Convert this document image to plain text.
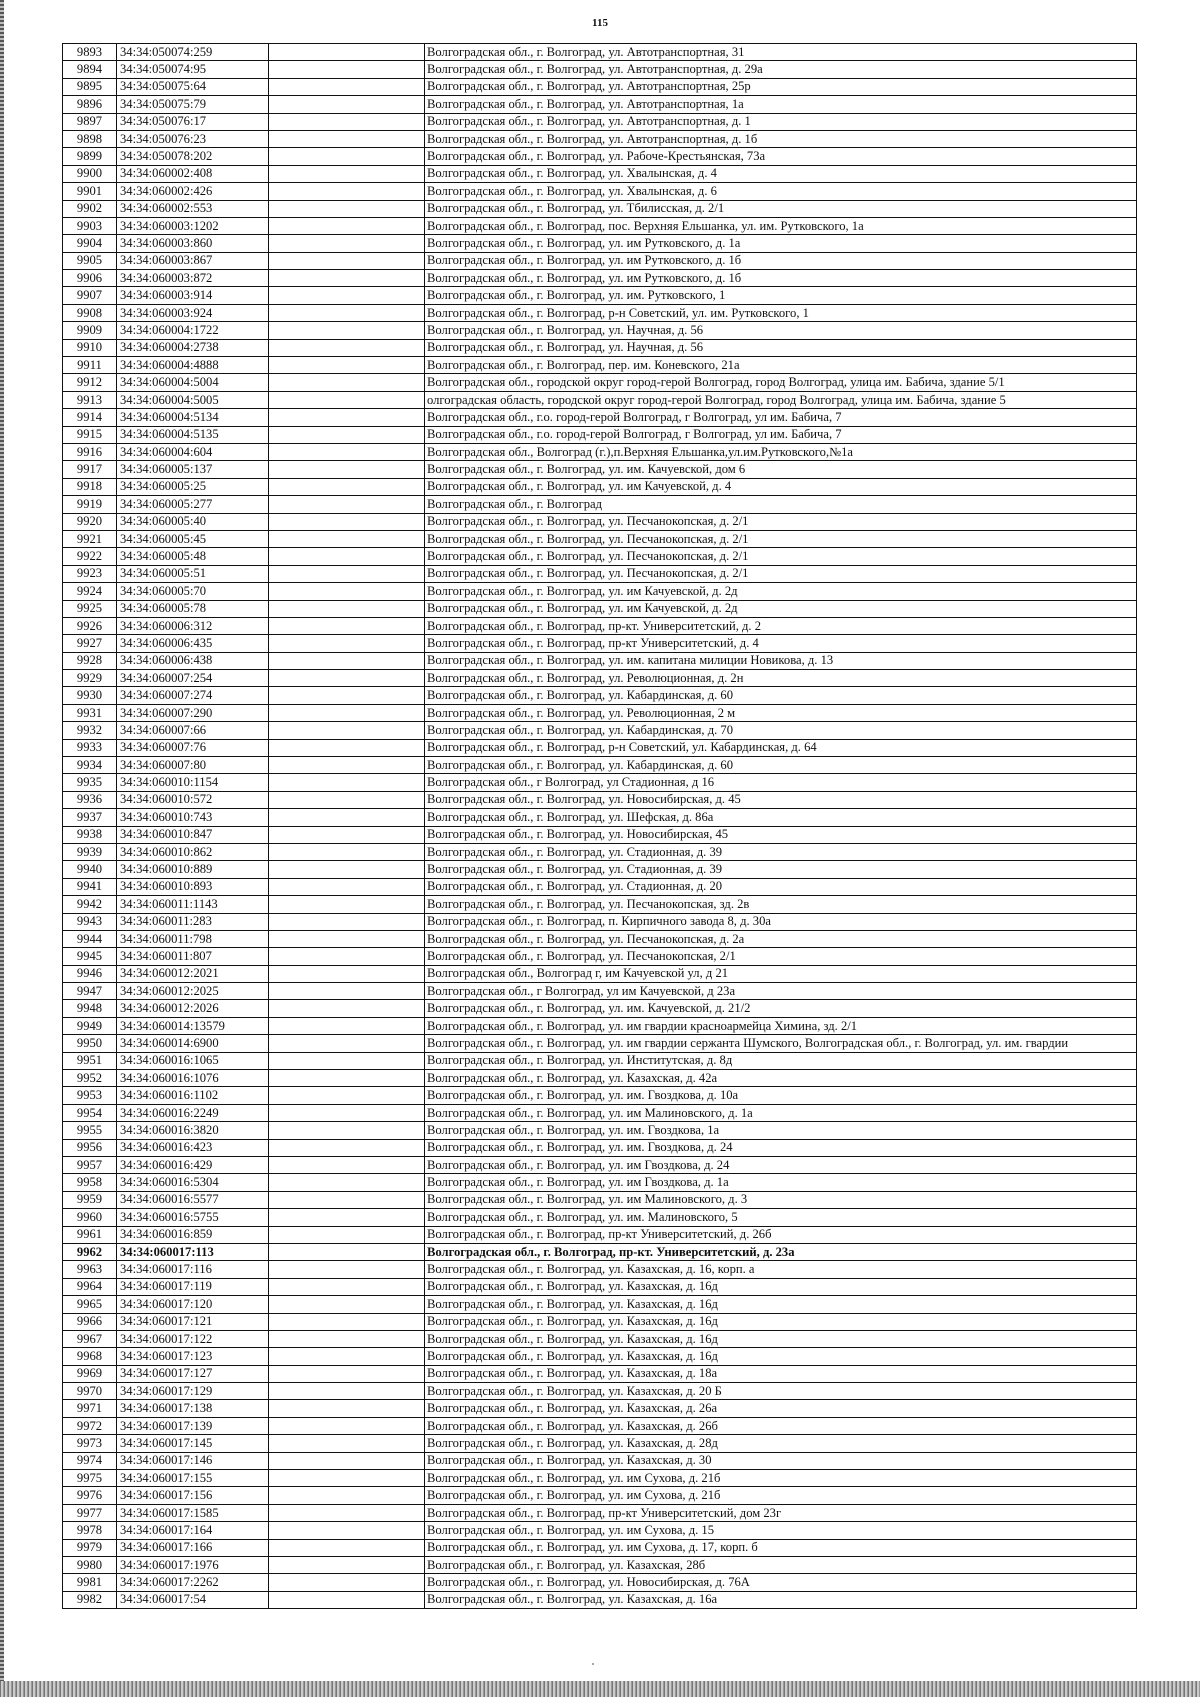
115
9893	34:34:050074:259		Волгоградская обл., г. Волгоград, ул. Автотранспортная, 31
9894	34:34:050074:95		Волгоградская обл., г. Волгоград, ул. Автотранспортная, д. 29а
9895	34:34:050075:64		Волгоградская обл., г. Волгоград, ул. Автотранспортная, 25р
9896	34:34:050075:79		Волгоградская обл., г. Волгоград, ул. Автотранспортная, 1а
9897	34:34:050076:17		Волгоградская обл., г. Волгоград, ул. Автотранспортная, д. 1
9898	34:34:050076:23		Волгоградская обл., г. Волгоград, ул. Автотранспортная, д. 1б
9899	34:34:050078:202		Волгоградская обл., г. Волгоград, ул. Рабоче-Крестьянская, 73а
9900	34:34:060002:408		Волгоградская обл., г. Волгоград, ул. Хвалынская, д. 4
9901	34:34:060002:426		Волгоградская обл., г. Волгоград, ул. Хвалынская, д. 6
9902	34:34:060002:553		Волгоградская обл., г. Волгоград, ул. Тбилисская, д. 2/1
9903	34:34:060003:1202		Волгоградская обл., г. Волгоград, пос. Верхняя Ельшанка, ул. им. Рутковского, 1а
9904	34:34:060003:860		Волгоградская обл., г. Волгоград, ул. им Рутковского, д. 1а
9905	34:34:060003:867		Волгоградская обл., г. Волгоград, ул. им Рутковского, д. 1б
9906	34:34:060003:872		Волгоградская обл., г. Волгоград, ул. им Рутковского, д. 1б
9907	34:34:060003:914		Волгоградская обл., г. Волгоград, ул. им. Рутковского, 1
9908	34:34:060003:924		Волгоградская обл., г. Волгоград, р-н Советский, ул. им. Рутковского, 1
9909	34:34:060004:1722		Волгоградская обл., г. Волгоград, ул. Научная, д. 56
9910	34:34:060004:2738		Волгоградская обл., г. Волгоград, ул. Научная, д. 56
9911	34:34:060004:4888		Волгоградская обл., г. Волгоград, пер. им. Коневского, 21а
9912	34:34:060004:5004		Волгоградская обл., городской округ город-герой Волгоград, город Волгоград, улица им. Бабича, здание 5/1
9913	34:34:060004:5005		олгоградская область, городской округ город-герой Волгоград, город Волгоград, улица им. Бабича, здание 5
9914	34:34:060004:5134		Волгоградская обл., г.о. город-герой Волгоград, г Волгоград, ул им. Бабича, 7
9915	34:34:060004:5135		Волгоградская обл., г.о. город-герой Волгоград, г Волгоград, ул им. Бабича, 7
9916	34:34:060004:604		Волгоградская обл., Волгоград (г.),п.Верхняя Ельшанка,ул.им.Рутковского,№1а
9917	34:34:060005:137		Волгоградская обл., г. Волгоград, ул. им. Качуевской, дом 6
9918	34:34:060005:25		Волгоградская обл., г. Волгоград, ул. им Качуевской, д. 4
9919	34:34:060005:277		Волгоградская обл., г. Волгоград
9920	34:34:060005:40		Волгоградская обл., г. Волгоград, ул. Песчанокопская, д. 2/1
9921	34:34:060005:45		Волгоградская обл., г. Волгоград, ул. Песчанокопская, д. 2/1
9922	34:34:060005:48		Волгоградская обл., г. Волгоград, ул. Песчанокопская, д. 2/1
9923	34:34:060005:51		Волгоградская обл., г. Волгоград, ул. Песчанокопская, д. 2/1
9924	34:34:060005:70		Волгоградская обл., г. Волгоград, ул. им Качуевской, д. 2д
9925	34:34:060005:78		Волгоградская обл., г. Волгоград, ул. им Качуевской, д. 2д
9926	34:34:060006:312		Волгоградская обл., г. Волгоград, пр-кт. Университетский, д. 2
9927	34:34:060006:435		Волгоградская обл., г. Волгоград, пр-кт Университетский, д. 4
9928	34:34:060006:438		Волгоградская обл., г. Волгоград, ул. им. капитана милиции Новикова, д. 13
9929	34:34:060007:254		Волгоградская обл., г. Волгоград, ул. Революционная, д. 2н
9930	34:34:060007:274		Волгоградская обл., г. Волгоград, ул. Кабардинская, д. 60
9931	34:34:060007:290		Волгоградская обл., г. Волгоград, ул. Революционная, 2 м
9932	34:34:060007:66		Волгоградская обл., г. Волгоград, ул. Кабардинская, д. 70
9933	34:34:060007:76		Волгоградская обл., г. Волгоград, р-н Советский, ул. Кабардинская, д. 64
9934	34:34:060007:80		Волгоградская обл., г. Волгоград, ул. Кабардинская, д. 60
9935	34:34:060010:1154		Волгоградская обл., г Волгоград, ул Стадионная, д 16
9936	34:34:060010:572		Волгоградская обл., г. Волгоград, ул. Новосибирская, д. 45
9937	34:34:060010:743		Волгоградская обл., г. Волгоград, ул. Шефская, д. 86а
9938	34:34:060010:847		Волгоградская обл., г. Волгоград, ул. Новосибирская, 45
9939	34:34:060010:862		Волгоградская обл., г. Волгоград, ул. Стадионная, д. 39
9940	34:34:060010:889		Волгоградская обл., г. Волгоград, ул. Стадионная, д. 39
9941	34:34:060010:893		Волгоградская обл., г. Волгоград, ул. Стадионная, д. 20
9942	34:34:060011:1143		Волгоградская обл., г. Волгоград, ул. Песчанокопская, зд. 2в
9943	34:34:060011:283		Волгоградская обл., г. Волгоград, п. Кирпичного завода 8, д. 30а
9944	34:34:060011:798		Волгоградская обл., г. Волгоград, ул. Песчанокопская, д. 2а
9945	34:34:060011:807		Волгоградская обл., г. Волгоград, ул. Песчанокопская, 2/1
9946	34:34:060012:2021		Волгоградская обл., Волгоград г, им Качуевской ул, д 21
9947	34:34:060012:2025		Волгоградская обл., г Волгоград, ул им Качуевской, д 23а
9948	34:34:060012:2026		Волгоградская обл., г. Волгоград, ул. им. Качуевской, д. 21/2
9949	34:34:060014:13579		Волгоградская обл., г. Волгоград, ул. им гвардии красноармейца Химина, зд. 2/1
9950	34:34:060014:6900		Волгоградская обл., г. Волгоград, ул. им гвардии сержанта Шумского, Волгоградская обл., г. Волгоград, ул. им. гвардии
9951	34:34:060016:1065		Волгоградская обл., г. Волгоград, ул. Институтская, д. 8д
9952	34:34:060016:1076		Волгоградская обл., г. Волгоград, ул. Казахская, д. 42а
9953	34:34:060016:1102		Волгоградская обл., г. Волгоград, ул. им. Гвоздкова, д. 10а
9954	34:34:060016:2249		Волгоградская обл., г. Волгоград, ул. им Малиновского, д. 1а
9955	34:34:060016:3820		Волгоградская обл., г. Волгоград, ул. им. Гвоздкова, 1а
9956	34:34:060016:423		Волгоградская обл., г. Волгоград, ул. им. Гвоздкова, д. 24
9957	34:34:060016:429		Волгоградская обл., г. Волгоград, ул. им Гвоздкова, д. 24
9958	34:34:060016:5304		Волгоградская обл., г. Волгоград, ул. им Гвоздкова, д. 1а
9959	34:34:060016:5577		Волгоградская обл., г. Волгоград, ул. им Малиновского, д. 3
9960	34:34:060016:5755		Волгоградская обл., г. Волгоград, ул. им. Малиновского, 5
9961	34:34:060016:859		Волгоградская обл., г. Волгоград, пр-кт Университетский, д. 26б
9962	34:34:060017:113		Волгоградская обл., г. Волгоград, пр-кт. Университетский, д. 23а
9963	34:34:060017:116		Волгоградская обл., г. Волгоград, ул. Казахская, д. 16, корп. а
9964	34:34:060017:119		Волгоградская обл., г. Волгоград, ул. Казахская, д. 16д
9965	34:34:060017:120		Волгоградская обл., г. Волгоград, ул. Казахская, д. 16д
9966	34:34:060017:121		Волгоградская обл., г. Волгоград, ул. Казахская, д. 16д
9967	34:34:060017:122		Волгоградская обл., г. Волгоград, ул. Казахская, д. 16д
9968	34:34:060017:123		Волгоградская обл., г. Волгоград, ул. Казахская, д. 16д
9969	34:34:060017:127		Волгоградская обл., г. Волгоград, ул. Казахская, д. 18а
9970	34:34:060017:129		Волгоградская обл., г. Волгоград, ул. Казахская, д. 20 Б
9971	34:34:060017:138		Волгоградская обл., г. Волгоград, ул. Казахская, д. 26а
9972	34:34:060017:139		Волгоградская обл., г. Волгоград, ул. Казахская, д. 26б
9973	34:34:060017:145		Волгоградская обл., г. Волгоград, ул. Казахская, д. 28д
9974	34:34:060017:146		Волгоградская обл., г. Волгоград, ул. Казахская, д. 30
9975	34:34:060017:155		Волгоградская обл., г. Волгоград, ул. им Сухова, д. 21б
9976	34:34:060017:156		Волгоградская обл., г. Волгоград, ул. им Сухова, д. 21б
9977	34:34:060017:1585		Волгоградская обл., г. Волгоград, пр-кт Университетский, дом 23г
9978	34:34:060017:164		Волгоградская обл., г. Волгоград, ул. им Сухова, д. 15
9979	34:34:060017:166		Волгоградская обл., г. Волгоград, ул. им Сухова, д. 17, корп. б
9980	34:34:060017:1976		Волгоградская обл., г. Волгоград, ул. Казахская, 28б
9981	34:34:060017:2262		Волгоградская обл., г. Волгоград, ул. Новосибирская, д. 76А
9982	34:34:060017:54		Волгоградская обл., г. Волгоград, ул. Казахская, д. 16а
